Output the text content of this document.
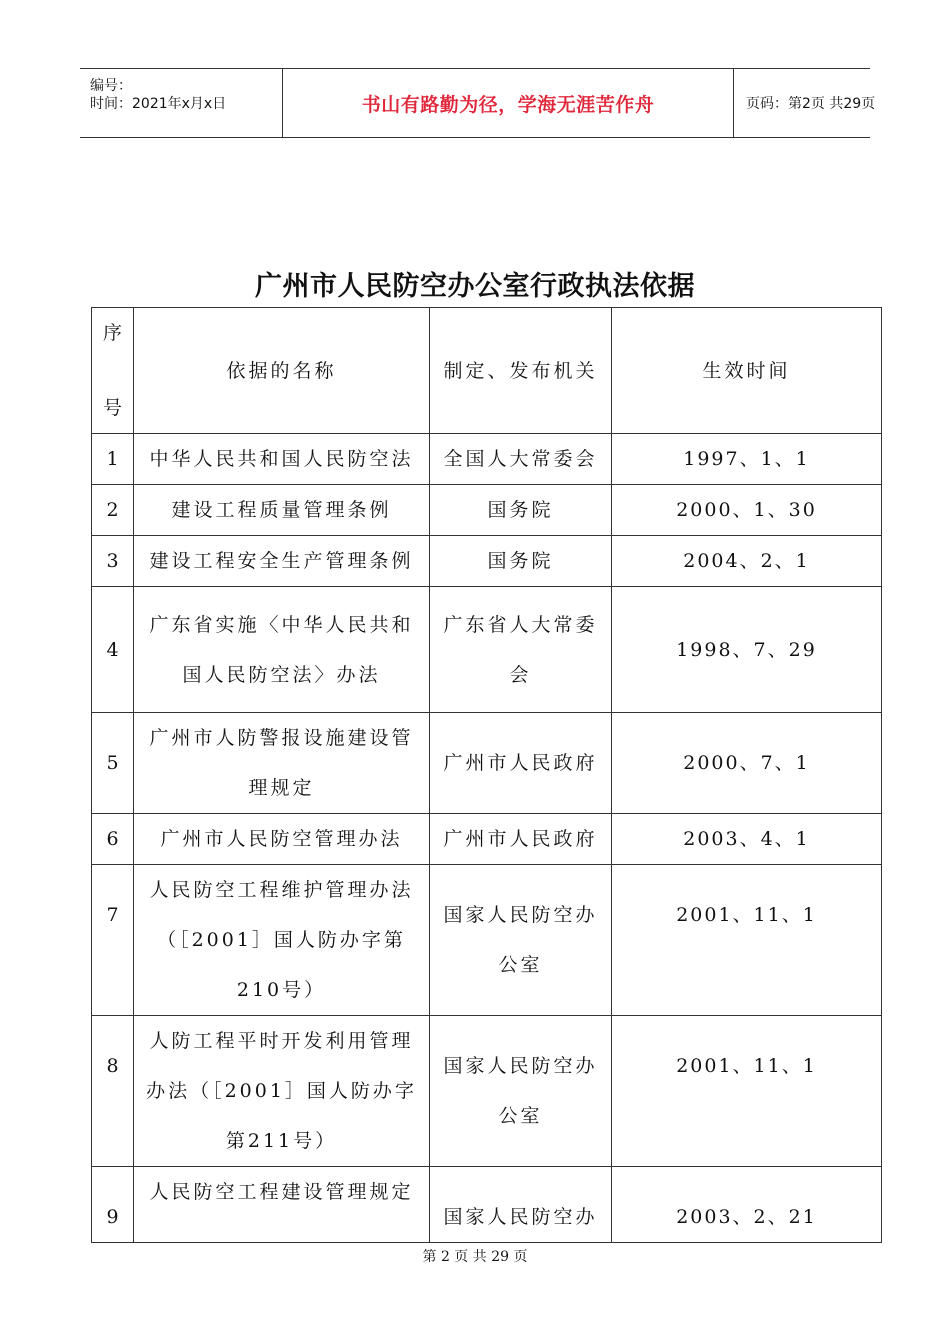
编号：
时间：2021年x月x日	书山有路勤为径，学海无涯苦作舟	页码：第2页 共29页
广州市人民防空办公室行政执法依据
序
号	依据的名称	制定、发布机关	生效时间
1	中华人民共和国人民防空法	全国人大常委会	1997、1、1
2	建设工程质量管理条例	国务院	2000、1、30
3	建设工程安全生产管理条例	国务院	2004、2、1
4	广东省实施〈中华人民共和国人民防空法〉办法	广东省人大常委会	1998、7、29
5	广州市人防警报设施建设管理规定	广州市人民政府	2000、7、1
6	广州市人民防空管理办法	广州市人民政府	2003、4、1
7	人民防空工程维护管理办法（［2001］国人防办字第210号）	国家人民防空办公室	2001、11、1
8	人防工程平时开发利用管理办法（［2001］国人防办字第211号）	国家人民防空办公室	2001、11、1
9	人民防空工程建设管理规定	国家人民防空办	2003、2、21
第 2 页 共 29 页
